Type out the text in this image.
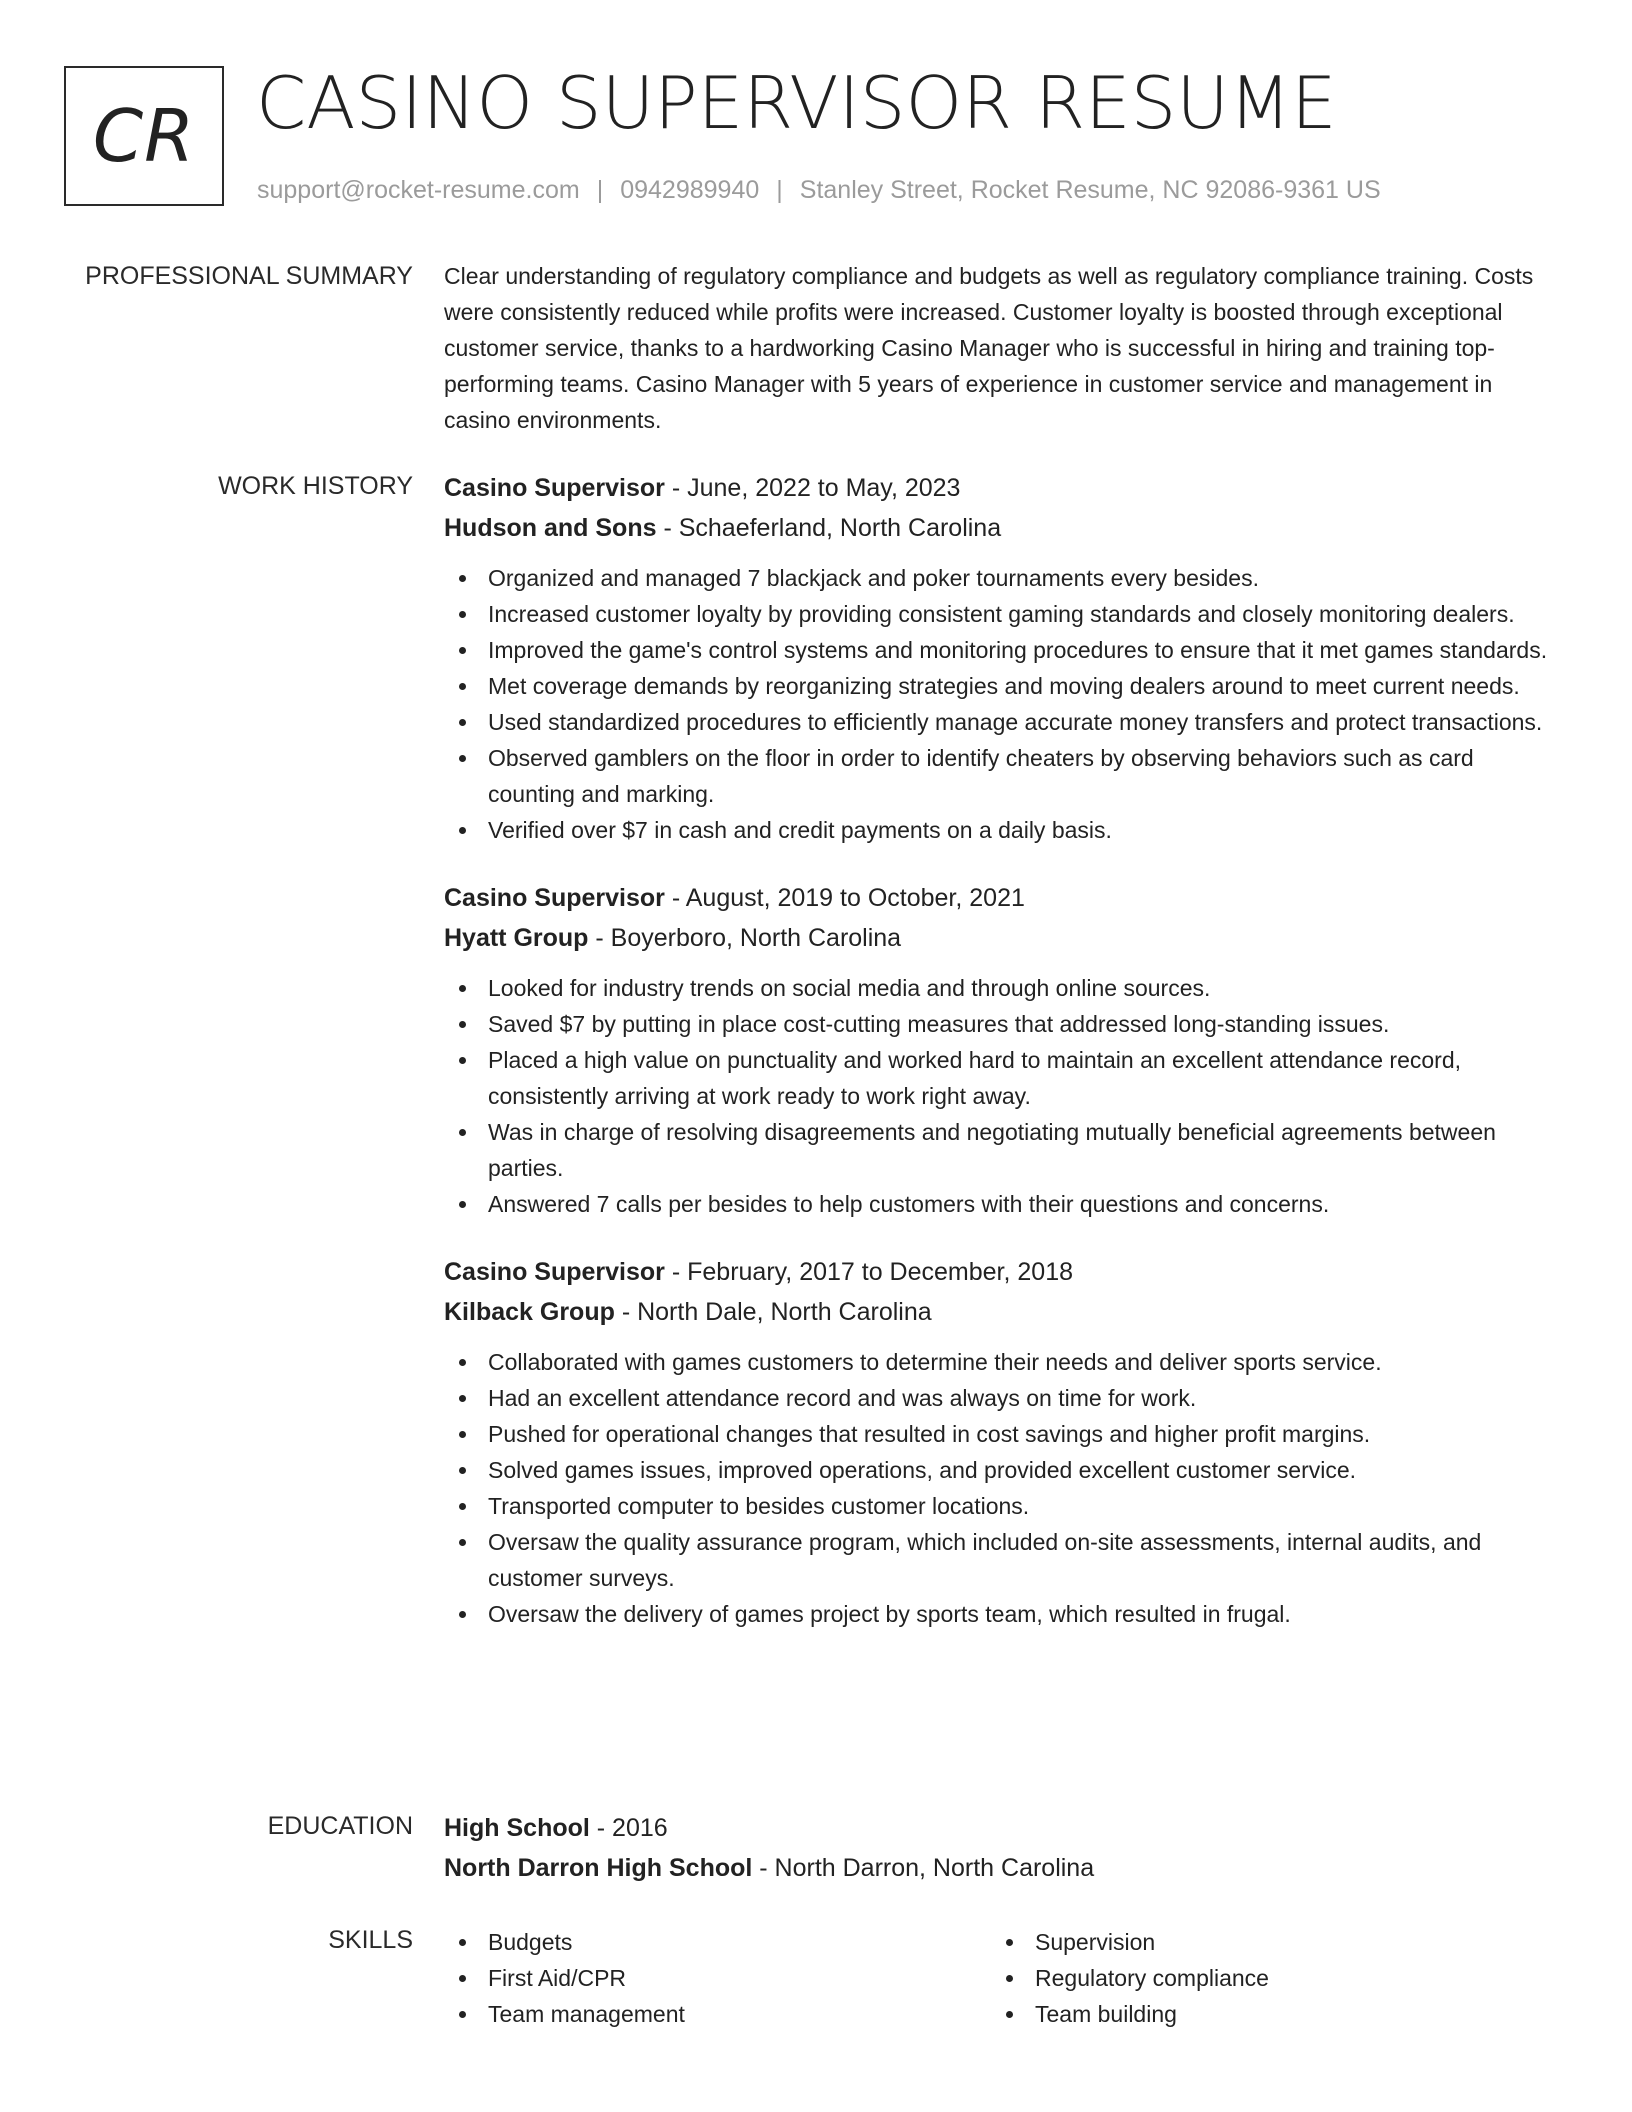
CR CASINO SUPERVISOR RESUME
support@rocket-resume.com | 0942989940 | Stanley Street, Rocket Resume, NC 92086-9361 US
PROFESSIONAL SUMMARY Clear understanding of regulatory compliance and budgets as well as regulatory compliance training. Costs were consistently reduced while profits were increased. Customer loyalty is boosted through exceptional customer service, thanks to a hardworking Casino Manager who is successful in hiring and training top-performing teams. Casino Manager with 5 years of experience in customer service and management in casino environments.

WORK HISTORY Casino Supervisor - June, 2022 to May, 2023
Hudson and Sons - Schaeferland, North Carolina
Organized and managed 7 blackjack and poker tournaments every besides.
Increased customer loyalty by providing consistent gaming standards and closely monitoring dealers.
Improved the game's control systems and monitoring procedures to ensure that it met games standards.
Met coverage demands by reorganizing strategies and moving dealers around to meet current needs.
Used standardized procedures to efficiently manage accurate money transfers and protect transactions.
Observed gamblers on the floor in order to identify cheaters by observing behaviors such as card counting and marking.
Verified over $7 in cash and credit payments on a daily basis.
Casino Supervisor - August, 2019 to October, 2021
Hyatt Group - Boyerboro, North Carolina
Looked for industry trends on social media and through online sources.
Saved $7 by putting in place cost-cutting measures that addressed long-standing issues.
Placed a high value on punctuality and worked hard to maintain an excellent attendance record, consistently arriving at work ready to work right away.
Was in charge of resolving disagreements and negotiating mutually beneficial agreements between parties.
Answered 7 calls per besides to help customers with their questions and concerns.
Casino Supervisor - February, 2017 to December, 2018
Kilback Group - North Dale, North Carolina
Collaborated with games customers to determine their needs and deliver sports service.
Had an excellent attendance record and was always on time for work.
Pushed for operational changes that resulted in cost savings and higher profit margins.
Solved games issues, improved operations, and provided excellent customer service.
Transported computer to besides customer locations.
Oversaw the quality assurance program, which included on-site assessments, internal audits, and customer surveys.
Oversaw the delivery of games project by sports team, which resulted in frugal.
EDUCATION High School - 2016
North Darron High School - North Darron, North Carolina
SKILLS	Budgets
First Aid/CPR
Team management
Supervision
Regulatory compliance
Team building
